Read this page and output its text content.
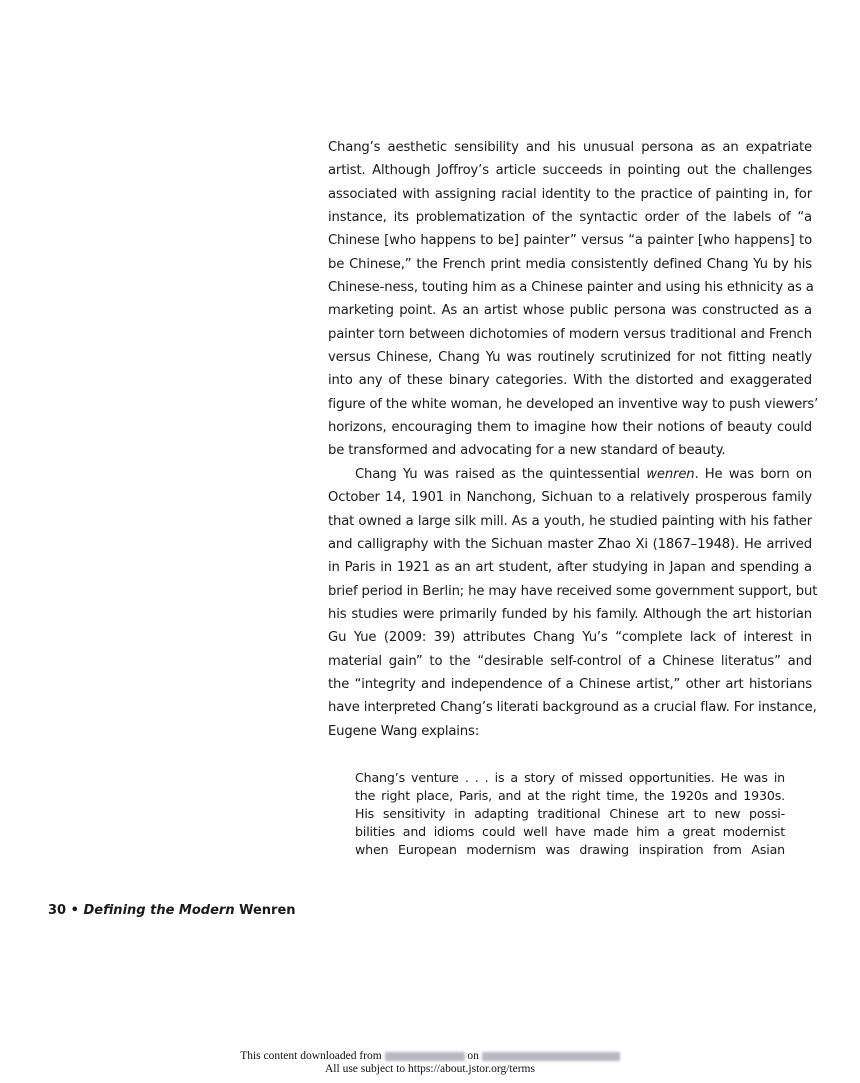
Chang’s aesthetic sensibility and his unusual persona as an expatriate
artist. Although Joffroy’s article succeeds in pointing out the challenges
associated with assigning racial identity to the practice of painting in, for
instance, its problematization of the syntactic order of the labels of “a
Chinese [who happens to be] painter” versus “a painter [who happens] to
be Chinese,” the French print media consistently defined Chang Yu by his
Chinese-ness, touting him as a Chinese painter and using his ethnicity as a
marketing point. As an artist whose public persona was constructed as a
painter torn between dichotomies of modern versus traditional and French
versus Chinese, Chang Yu was routinely scrutinized for not fitting neatly
into any of these binary categories. With the distorted and exaggerated
figure of the white woman, he developed an inventive way to push viewers’
horizons, encouraging them to imagine how their notions of beauty could
be transformed and advocating for a new standard of beauty.
Chang Yu was raised as the quintessential wenren. He was born on
October 14, 1901 in Nanchong, Sichuan to a relatively prosperous family
that owned a large silk mill. As a youth, he studied painting with his father
and calligraphy with the Sichuan master Zhao Xi (1867–1948). He arrived
in Paris in 1921 as an art student, after studying in Japan and spending a
brief period in Berlin; he may have received some government support, but
his studies were primarily funded by his family. Although the art historian
Gu Yue (2009: 39) attributes Chang Yu’s “complete lack of interest in
material gain” to the “desirable self-control of a Chinese literatus” and
the “integrity and independence of a Chinese artist,” other art historians
have interpreted Chang’s literati background as a crucial flaw. For instance,
Eugene Wang explains:
Chang’s venture . . . is a story of missed opportunities. He was in
the right place, Paris, and at the right time, the 1920s and 1930s.
His sensitivity in adapting traditional Chinese art to new possi-
bilities and idioms could well have made him a great modernist
when European modernism was drawing inspiration from Asian
30 • Defining the Modern Wenren
This content downloaded from	on
All use subject to https://about.jstor.org/terms
